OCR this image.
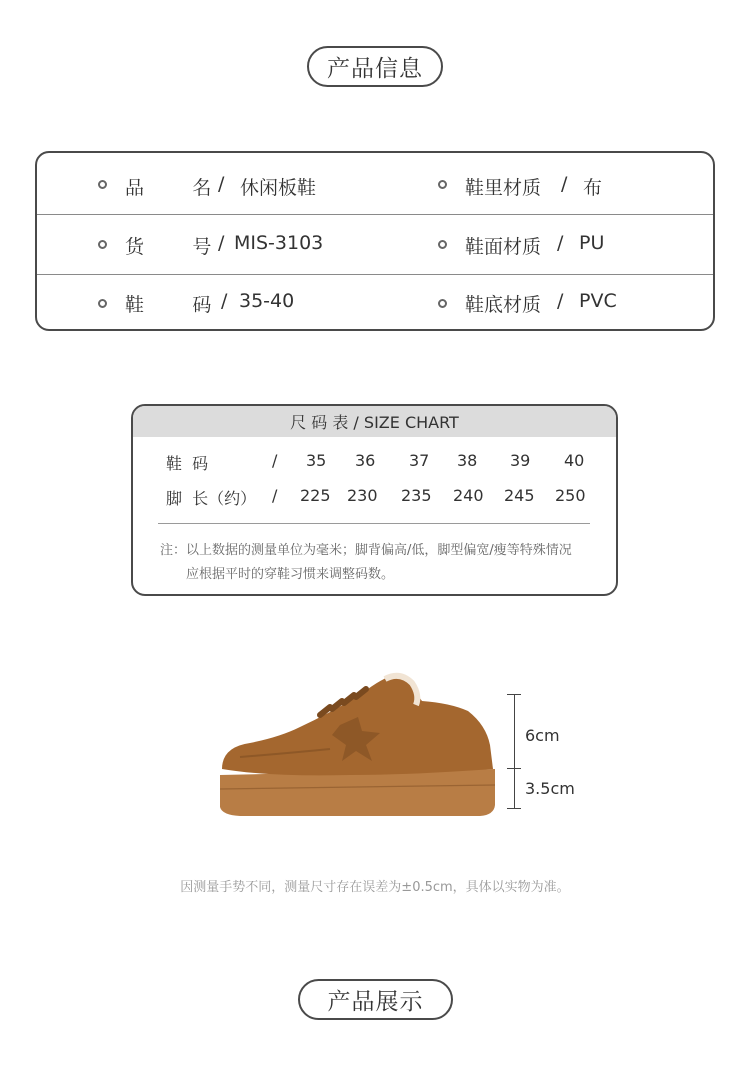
产品信息
品        名 / 休闲板鞋	鞋里材质 / 布
货        号 / MIS-3103	鞋面材质 / PU
鞋        码 / 35-40	鞋底材质 / PVC
尺 码 表 / SIZE CHART
鞋  码	/ 35 36 37 38 39 40
脚  长（约） / 225 230 235 240 245 250
注：以上数据的测量单位为毫米；脚背偏高/低，脚型偏宽/瘦等特殊情况
应根据平时的穿鞋习惯来调整码数。
6cm
3.5cm
因测量手势不同，测量尺寸存在误差为±0.5cm，具体以实物为准。
产品展示
